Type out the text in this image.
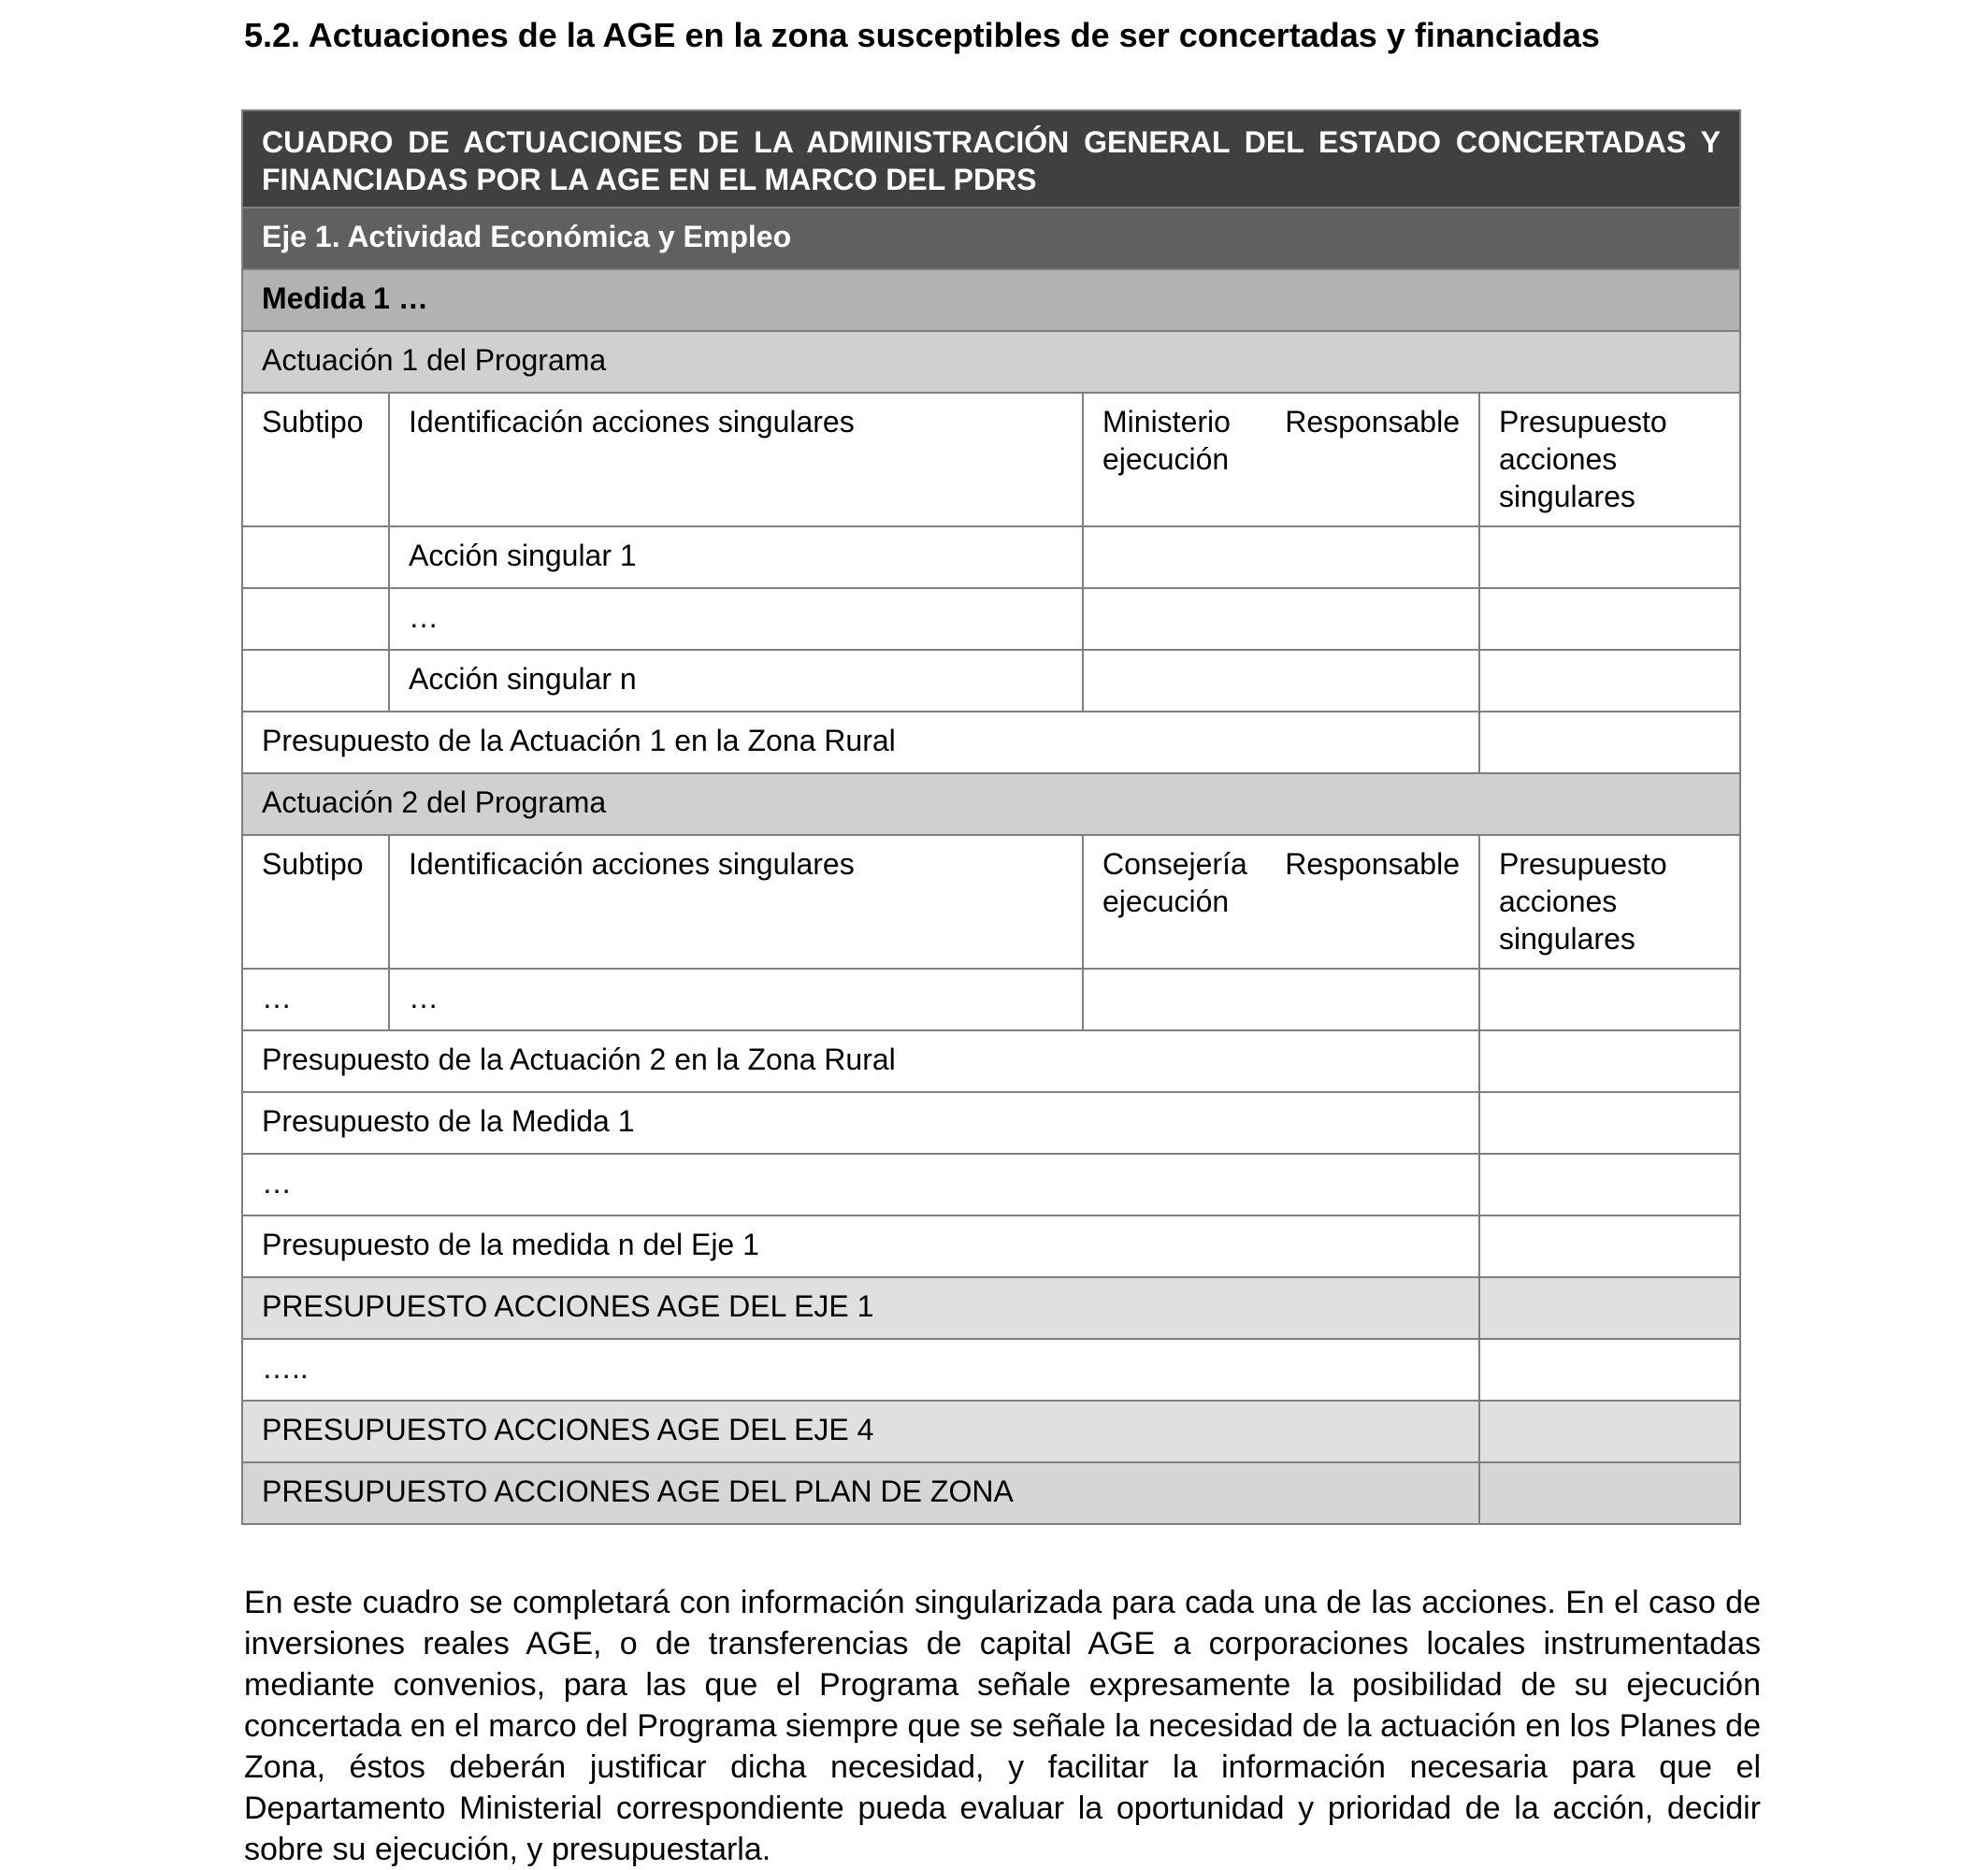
5.2. Actuaciones de la AGE en la zona susceptibles de ser concertadas y financiadas
CUADRO DE ACTUACIONES DE LA ADMINISTRACIÓN GENERAL DEL ESTADO CONCERTADAS Y FINANCIADAS POR LA AGE EN EL MARCO DEL PDRS			
Eje 1. Actividad Económica y Empleo			
Medida 1 …			
Actuación 1 del Programa			
Subtipo	Identificación acciones singulares	Ministerio Responsable ejecución	Presupuesto acciones singulares
	Acción singular 1		
	…		
	Acción singular n		
Presupuesto de la Actuación 1 en la Zona Rural			
Actuación 2 del Programa			
Subtipo	Identificación acciones singulares	Consejería Responsable ejecución	Presupuesto acciones singulares
…	…		
Presupuesto de la Actuación 2 en la Zona Rural			
Presupuesto de la Medida 1			
…			
Presupuesto de la medida n del Eje 1			
PRESUPUESTO ACCIONES AGE DEL EJE 1			
…..			
PRESUPUESTO ACCIONES AGE DEL EJE 4			
PRESUPUESTO ACCIONES AGE DEL PLAN DE ZONA			

En este cuadro se completará con información singularizada para cada una de las acciones. En el caso de inversiones reales AGE, o de transferencias de capital AGE a corporaciones locales instrumentadas mediante convenios, para las que el Programa señale expresamente la posibilidad de su ejecución concertada en el marco del Programa siempre que se señale la necesidad de la actuación en los Planes de Zona, éstos deberán justificar dicha necesidad, y facilitar la información necesaria para que el Departamento Ministerial correspondiente pueda evaluar la oportunidad y prioridad de la acción, decidir sobre su ejecución, y presupuestarla.
